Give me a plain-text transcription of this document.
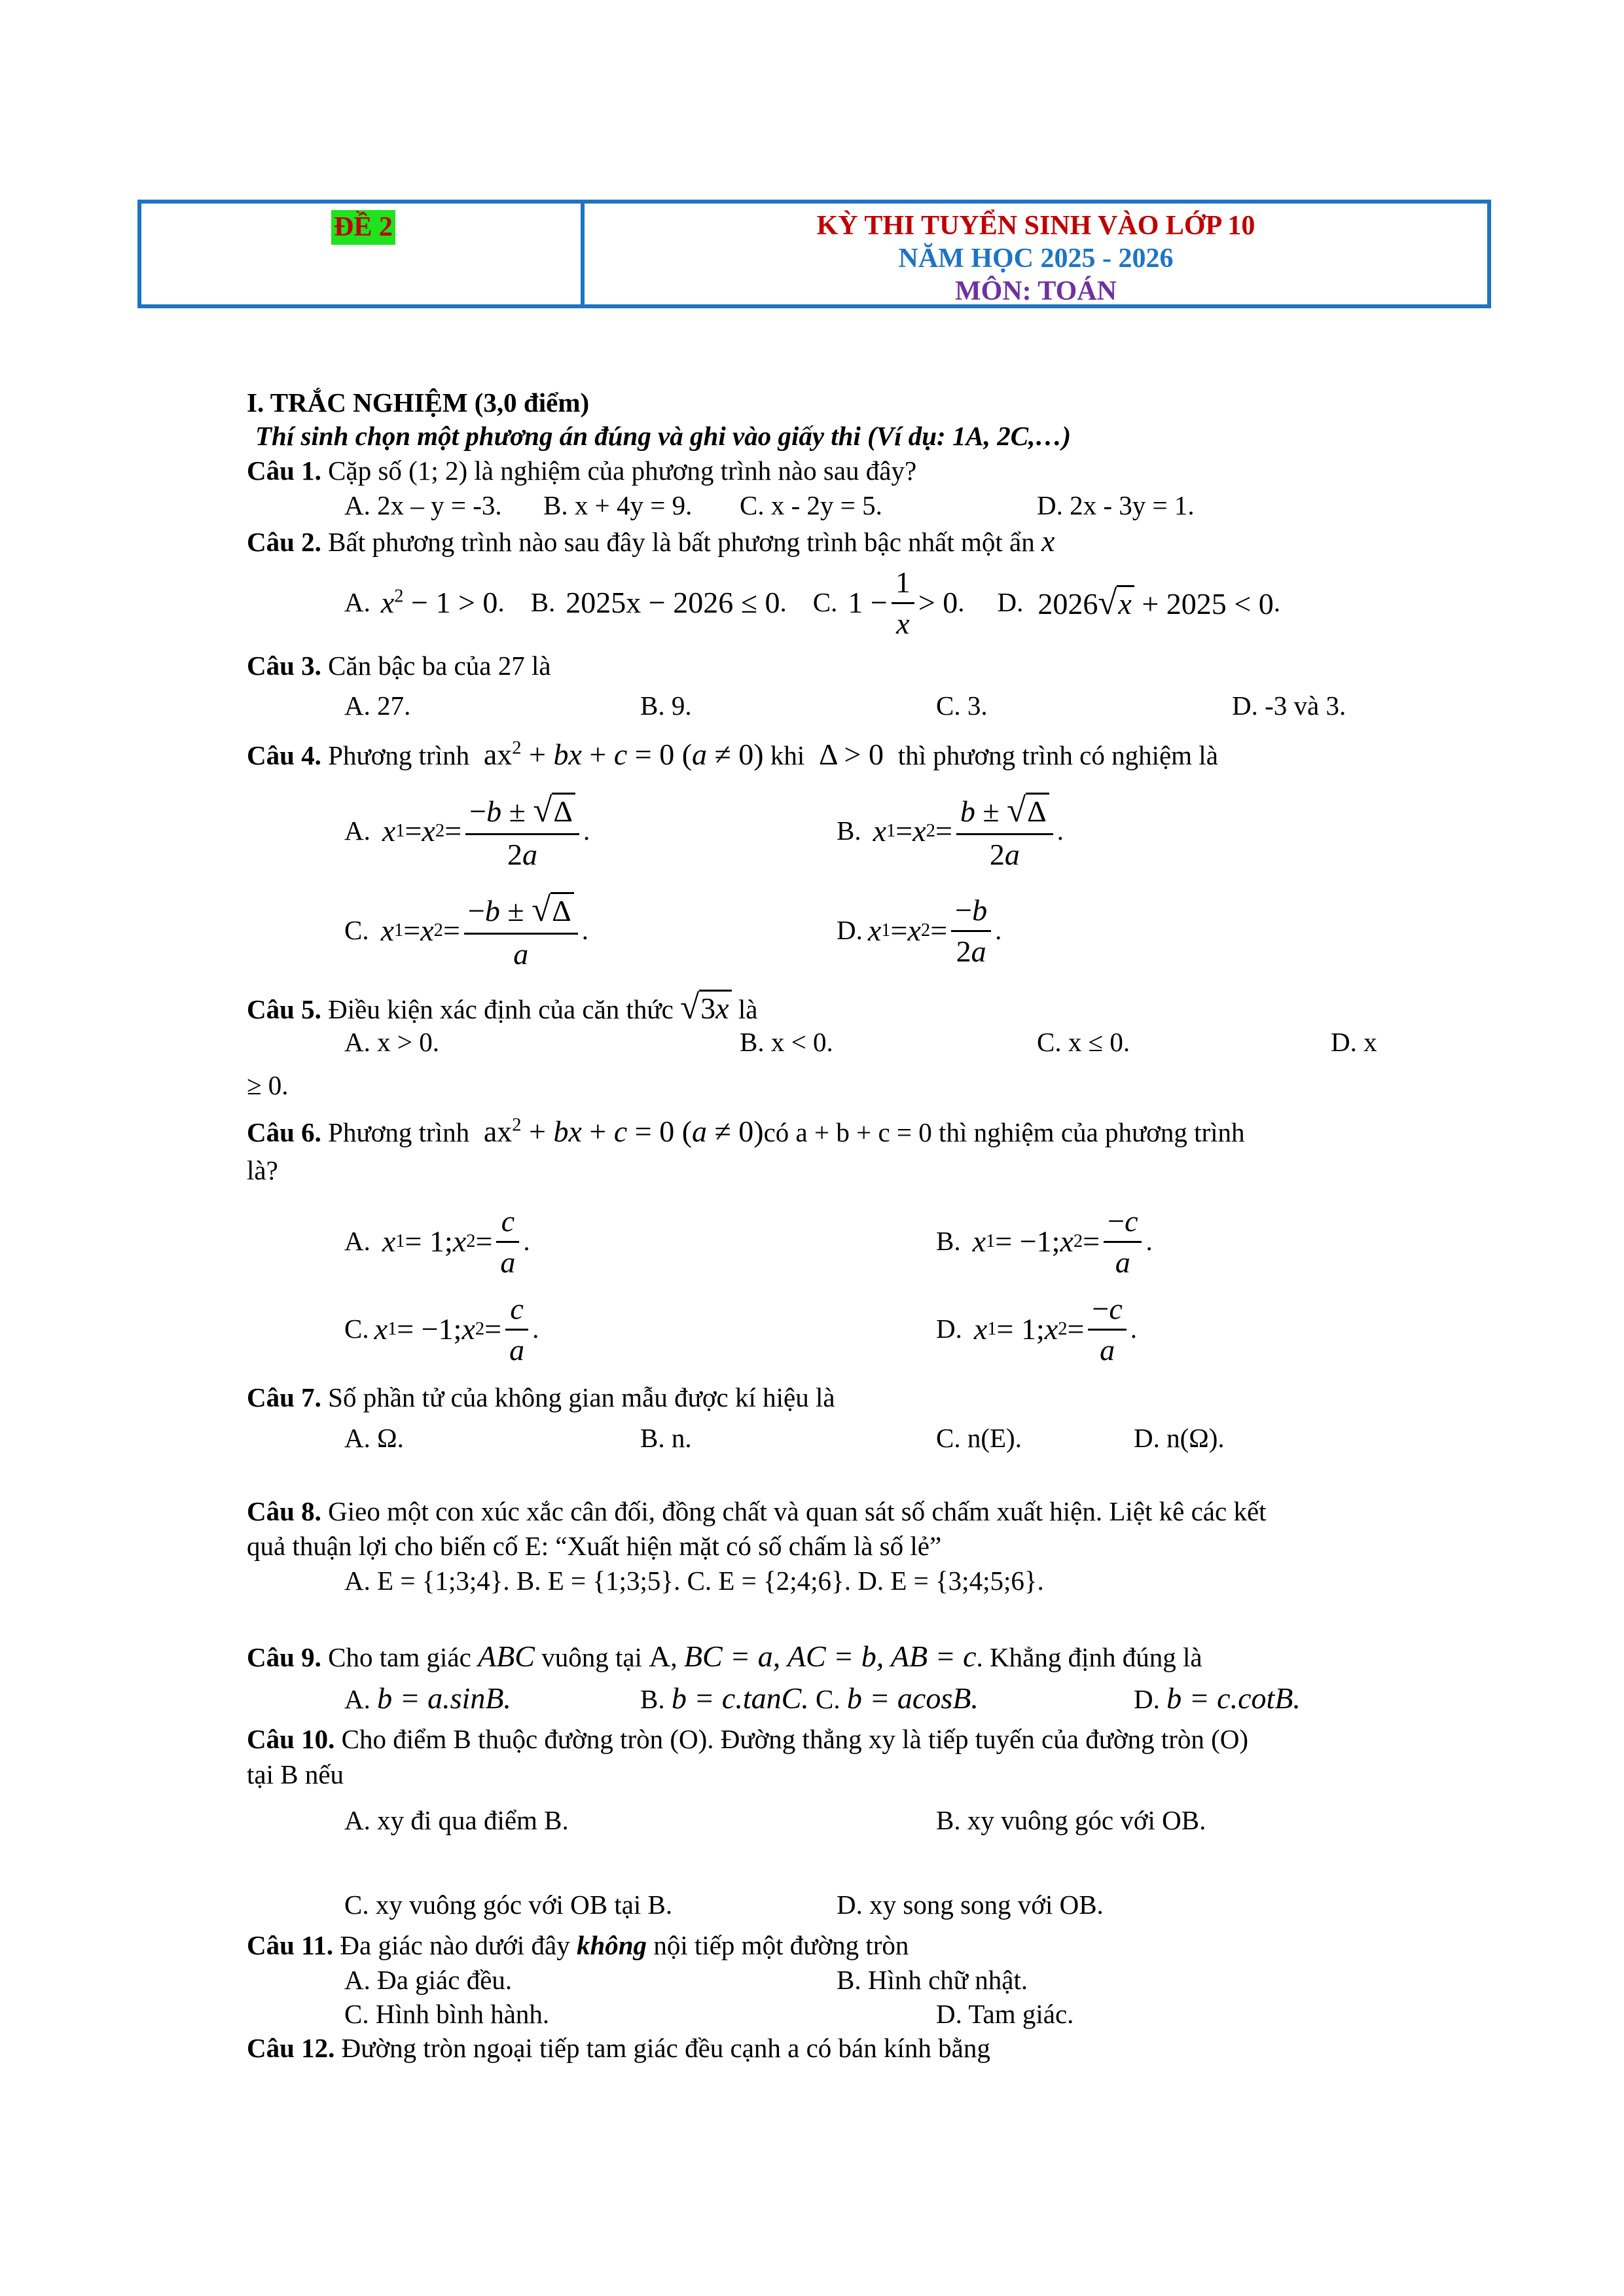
ĐỀ 2	KỲ THI TUYỂN SINH VÀO LỚP 10
NĂM HỌC 2025 - 2026
MÔN: TOÁN
I. TRẮC NGHIỆM (3,0 điểm)
Thí sinh chọn một phương án đúng và ghi vào giấy thi (Ví dụ: 1A, 2C,…)
Câu 1. Cặp số (1; 2) là nghiệm của phương trình nào sau đây?
A. 2x – y = -3. B. x + 4y = 9. C. x - 2y = 5.	D. 2x - 3y = 1.
Câu 2. Bất phương trình nào sau đây là bất phương trình bậc nhất một ẩn x
A. $x^2 - 1 > 0$ . B. 2025x − 2026 ≤ 0 . C. $1 - \frac{1}{x} > 0$ . D. 2026√x + 2025 < 0 .
Câu 3. Căn bậc ba của 27 là
A. 27.	B. 9.	C. 3.	D. -3 và 3.
Câu 4. Phương trình  $ax^2$ + bx + c = 0 (a ≠ 0) khi  Δ > 0  thì phương trình có nghiệm là
A. x 1 = x $2 = \frac{-b \pm √\Delta}{2a}$ .	B. x 1 = x $2 = \frac{b \pm √\Delta}{2a}$ .
C. x 1 = x $2 = \frac{-b \pm √\Delta}{a}$ .	D. x 1 = x $2 = \frac{-b}{2a}$ .
Câu 5. Điều kiện xác định của căn thức √3x là
A. x > 0.	B. x < 0.	C. x ≤ 0.	D. x
≥ 0.
Câu 6. Phương trình  $ax^2$ + bx + c = 0 (a ≠ 0)có a + b + c = 0 thì nghiệm của phương trình
là?
A. x 1 = 1; x $2 = \frac{c}{a}$ .	B. x 1 = −1; x $2 = \frac{-c}{a}$ .
C. x 1 = −1; x $2 = \frac{c}{a}$ .	D. x 1 = 1; x $2 = \frac{-c}{a}$ .
Câu 7. Số phần tử của không gian mẫu được kí hiệu là
A. Ω.	B. n.	C. n(E).	D. n(Ω).
Câu 8. Gieo một con xúc xắc cân đối, đồng chất và quan sát số chấm xuất hiện. Liệt kê các kết
quả thuận lợi cho biến cố E: “Xuất hiện mặt có số chấm là số lẻ”
A. E = {1;3;4}. B. E = {1;3;5}. C. E = {2;4;6}. D. E = {3;4;5;6}.
Câu 9. Cho tam giác ABC vuông tại A, BC = a, AC = b, AB = c. Khẳng định đúng là
A. b = a.sinB.	B. b = c.tanC. C. b = acosB.	D. b = c.cotB.
Câu 10. Cho điểm B thuộc đường tròn (O). Đường thẳng xy là tiếp tuyến của đường tròn (O)
tại B nếu
A. xy đi qua điểm B.	B. xy vuông góc với OB.
C. xy vuông góc với OB tại B.	D. xy song song với OB.
Câu 11. Đa giác nào dưới đây không nội tiếp một đường tròn
A. Đa giác đều.	B. Hình chữ nhật.
C. Hình bình hành.	D. Tam giác.
Câu 12. Đường tròn ngoại tiếp tam giác đều cạnh a có bán kính bằng
